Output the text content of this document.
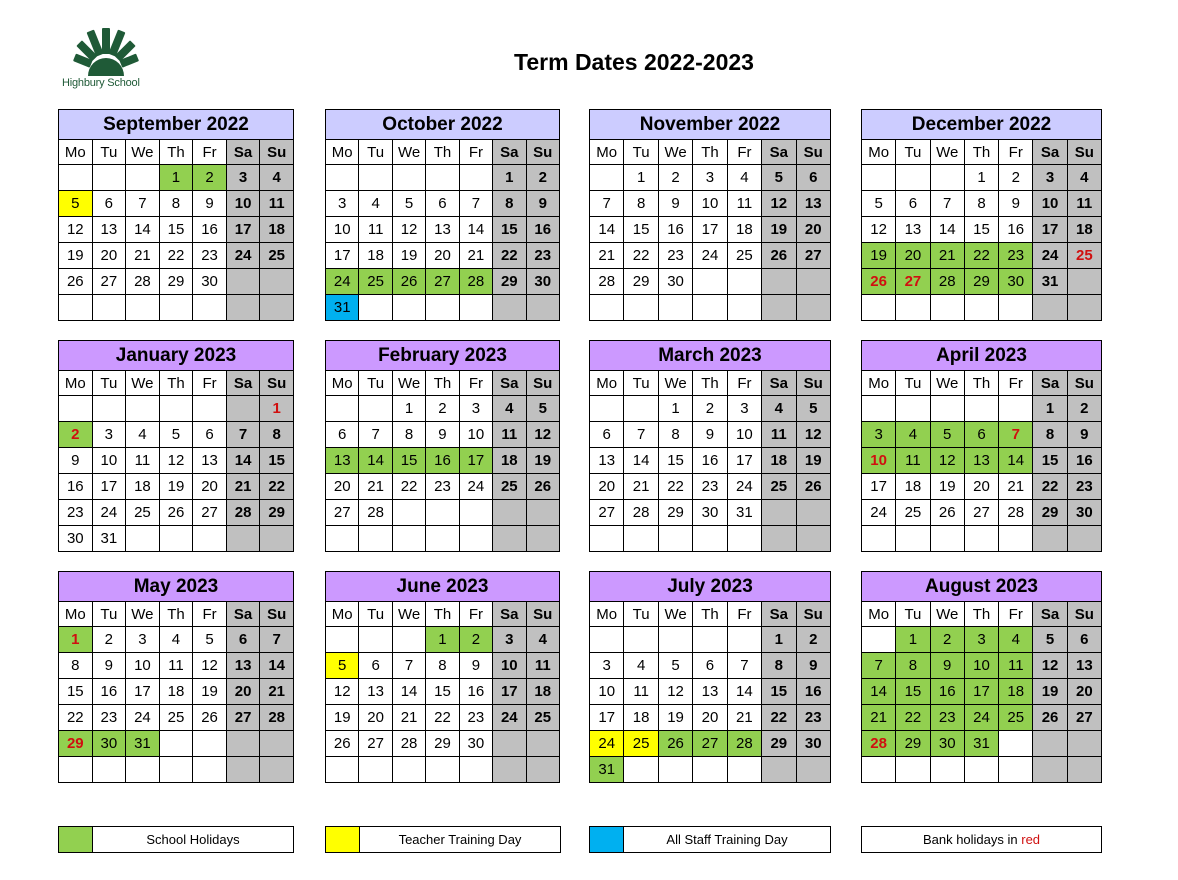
Highbury School
Term Dates 2022-2023
September 2022						
Mo	Tu	We	Th	Fr	Sa	Su
			1	2	3	4
5	6	7	8	9	10	11
12	13	14	15	16	17	18
19	20	21	22	23	24	25
26	27	28	29	30		

October 2022						
Mo	Tu	We	Th	Fr	Sa	Su
					1	2
3	4	5	6	7	8	9
10	11	12	13	14	15	16
17	18	19	20	21	22	23
24	25	26	27	28	29	30
31						
November 2022						
Mo	Tu	We	Th	Fr	Sa	Su
	1	2	3	4	5	6
7	8	9	10	11	12	13
14	15	16	17	18	19	20
21	22	23	24	25	26	27
28	29	30				

December 2022						
Mo	Tu	We	Th	Fr	Sa	Su
			1	2	3	4
5	6	7	8	9	10	11
12	13	14	15	16	17	18
19	20	21	22	23	24	25
26	27	28	29	30	31	

January 2023						
Mo	Tu	We	Th	Fr	Sa	Su
						1
2	3	4	5	6	7	8
9	10	11	12	13	14	15
16	17	18	19	20	21	22
23	24	25	26	27	28	29
30	31					
February 2023						
Mo	Tu	We	Th	Fr	Sa	Su
		1	2	3	4	5
6	7	8	9	10	11	12
13	14	15	16	17	18	19
20	21	22	23	24	25	26
27	28					

March 2023						
Mo	Tu	We	Th	Fr	Sa	Su
		1	2	3	4	5
6	7	8	9	10	11	12
13	14	15	16	17	18	19
20	21	22	23	24	25	26
27	28	29	30	31		

April 2023						
Mo	Tu	We	Th	Fr	Sa	Su
					1	2
3	4	5	6	7	8	9
10	11	12	13	14	15	16
17	18	19	20	21	22	23
24	25	26	27	28	29	30

May 2023						
Mo	Tu	We	Th	Fr	Sa	Su
1	2	3	4	5	6	7
8	9	10	11	12	13	14
15	16	17	18	19	20	21
22	23	24	25	26	27	28
29	30	31				

June 2023						
Mo	Tu	We	Th	Fr	Sa	Su
			1	2	3	4
5	6	7	8	9	10	11
12	13	14	15	16	17	18
19	20	21	22	23	24	25
26	27	28	29	30		

July 2023						
Mo	Tu	We	Th	Fr	Sa	Su
					1	2
3	4	5	6	7	8	9
10	11	12	13	14	15	16
17	18	19	20	21	22	23
24	25	26	27	28	29	30
31						
August 2023						
Mo	Tu	We	Th	Fr	Sa	Su
	1	2	3	4	5	6
7	8	9	10	11	12	13
14	15	16	17	18	19	20
21	22	23	24	25	26	27
28	29	30	31			

School Holidays	Teacher Training Day	All Staff Training Day	Bank holidays in red
